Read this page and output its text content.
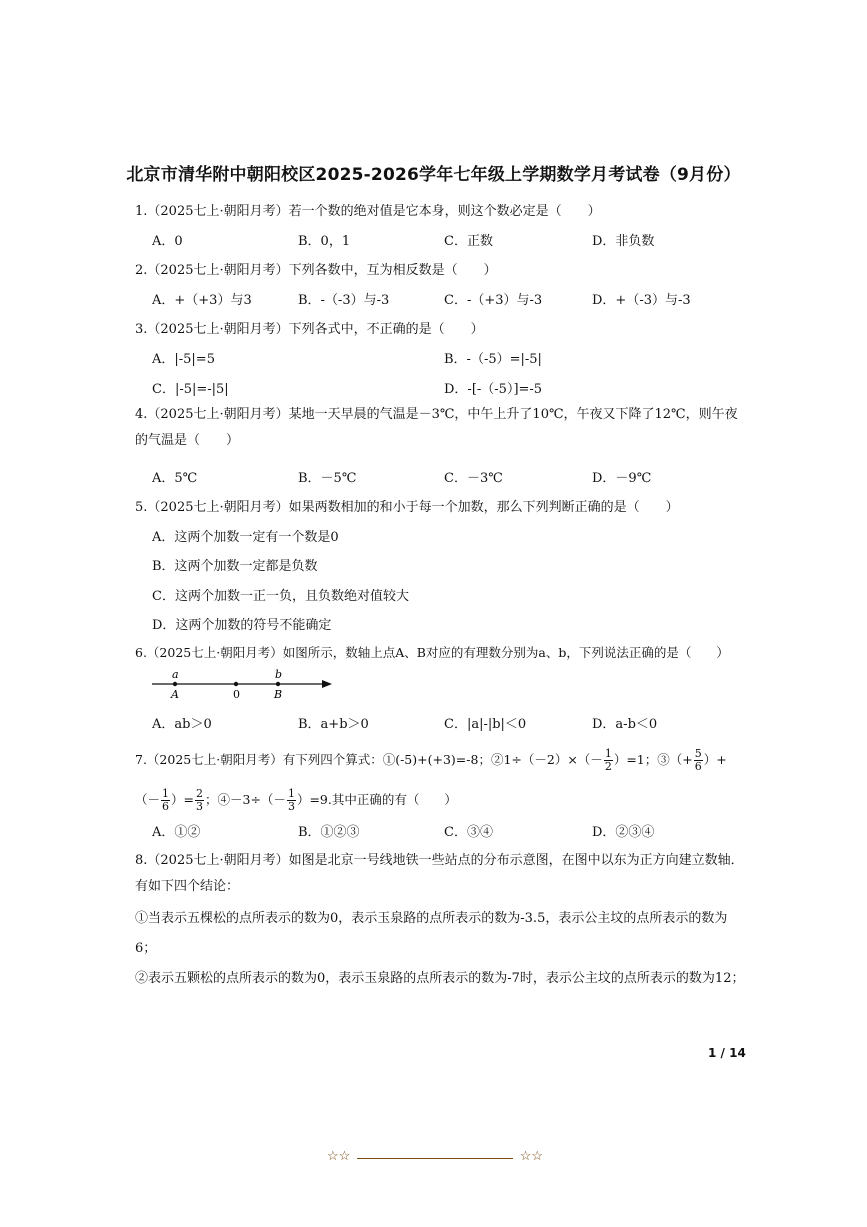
北京市清华附中朝阳校区2025-2026学年七年级上学期数学月考试卷（9月份）
1.（2025七上·朝阳月考）若一个数的绝对值是它本身，则这个数必定是（　　）
A．0	B．0，1	C．正数	D．非负数
2.（2025七上·朝阳月考）下列各数中，互为相反数是（　　）
A．+（+3）与3	B．-（-3）与-3	C．-（+3）与-3	D．+（-3）与-3
3.（2025七上·朝阳月考）下列各式中，不正确的是（　　）
A．|-5|=5	B．-（-5）=|-5|
C．|-5|=-|5|	D．-[-（-5）]=-5
4.（2025七上·朝阳月考）某地一天早晨的气温是－3℃，中午上升了10℃，午夜又下降了12℃，则午夜的气温是（　　）
A．5℃	B．－5℃	C．－3℃	D．－9℃
5.（2025七上·朝阳月考）如果两数相加的和小于每一个加数，那么下列判断正确的是（　　）
A．这两个加数一定有一个数是0
B．这两个加数一定都是负数
C．这两个加数一正一负，且负数绝对值较大
D．这两个加数的符号不能确定
6.（2025七上·朝阳月考）如图所示，数轴上点A、B对应的有理数分别为a、b，下列说法正确的是（　　）
a
A	0
b
B
A．ab＞0	B．a+b＞0	C．|a|-|b|＜0	D．a-b＜0
7.（2025七上·朝阳月考）有下列四个算式：①(-5)+(+3)=-8；②1÷（－2）×（－ $\frac{1}{2} )=1$；③（+ $\frac{5}{6}$ ）+（－ $\frac{1}{6}$ ）= $\frac{2}{3}$ ；④－3÷（－ $\frac{1}{3} )=9$.其中正确的有（　　）
A．①②	B．①②③	C．③④	D．②③④
8.（2025七上·朝阳月考）如图是北京一号线地铁一些站点的分布示意图，在图中以东为正方向建立数轴．有如下四个结论：
①当表示五棵松的点所表示的数为0，表示玉泉路的点所表示的数为-3.5，表示公主坟的点所表示的数为6；
②表示五颗松的点所表示的数为0，表示玉泉路的点所表示的数为-7时，表示公主坟的点所表示的数为12；
1 / 14
☆☆	☆☆
